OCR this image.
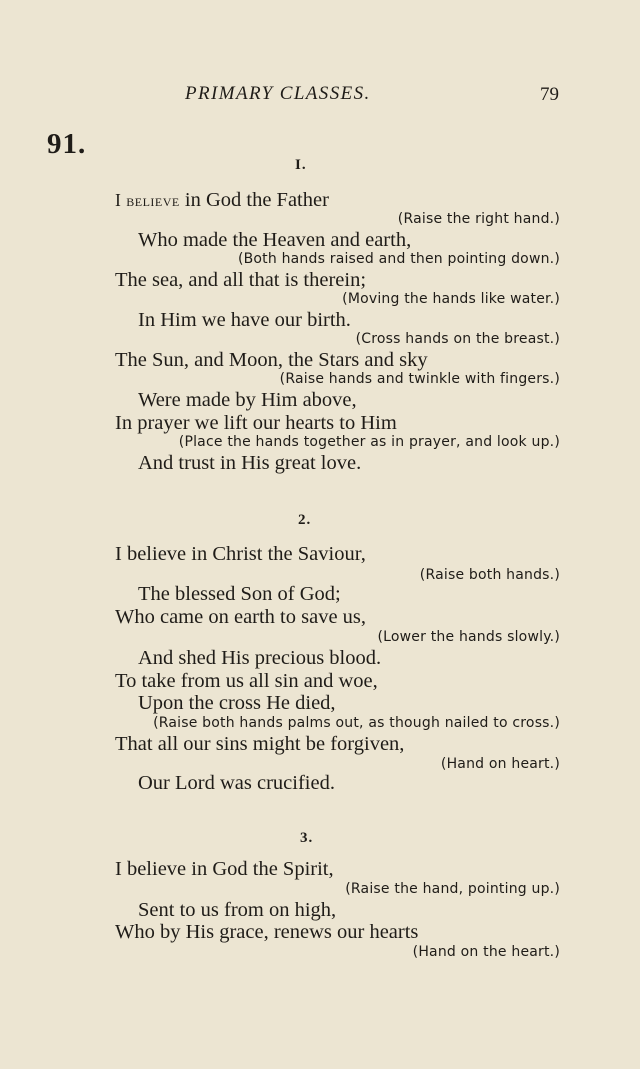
PRIMARY CLASSES.	79
91.
I.
I believe in God the Father
(Raise the right hand.)
Who made the Heaven and earth,
(Both hands raised and then pointing down.)
The sea, and all that is therein;
(Moving the hands like water.)
In Him we have our birth.
(Cross hands on the breast.)
The Sun, and Moon, the Stars and sky
(Raise hands and twinkle with fingers.)
Were made by Him above,
In prayer we lift our hearts to Him
(Place the hands together as in prayer, and look up.)
And trust in His great love.
2.
I believe in Christ the Saviour,
(Raise both hands.)
The blessed Son of God;
Who came on earth to save us,
(Lower the hands slowly.)
And shed His precious blood.
To take from us all sin and woe,
Upon the cross He died,
(Raise both hands palms out, as though nailed to cross.)
That all our sins might be forgiven,
(Hand on heart.)
Our Lord was crucified.
3.
I believe in God the Spirit,
(Raise the hand, pointing up.)
Sent to us from on high,
Who by His grace, renews our hearts
(Hand on the heart.)
